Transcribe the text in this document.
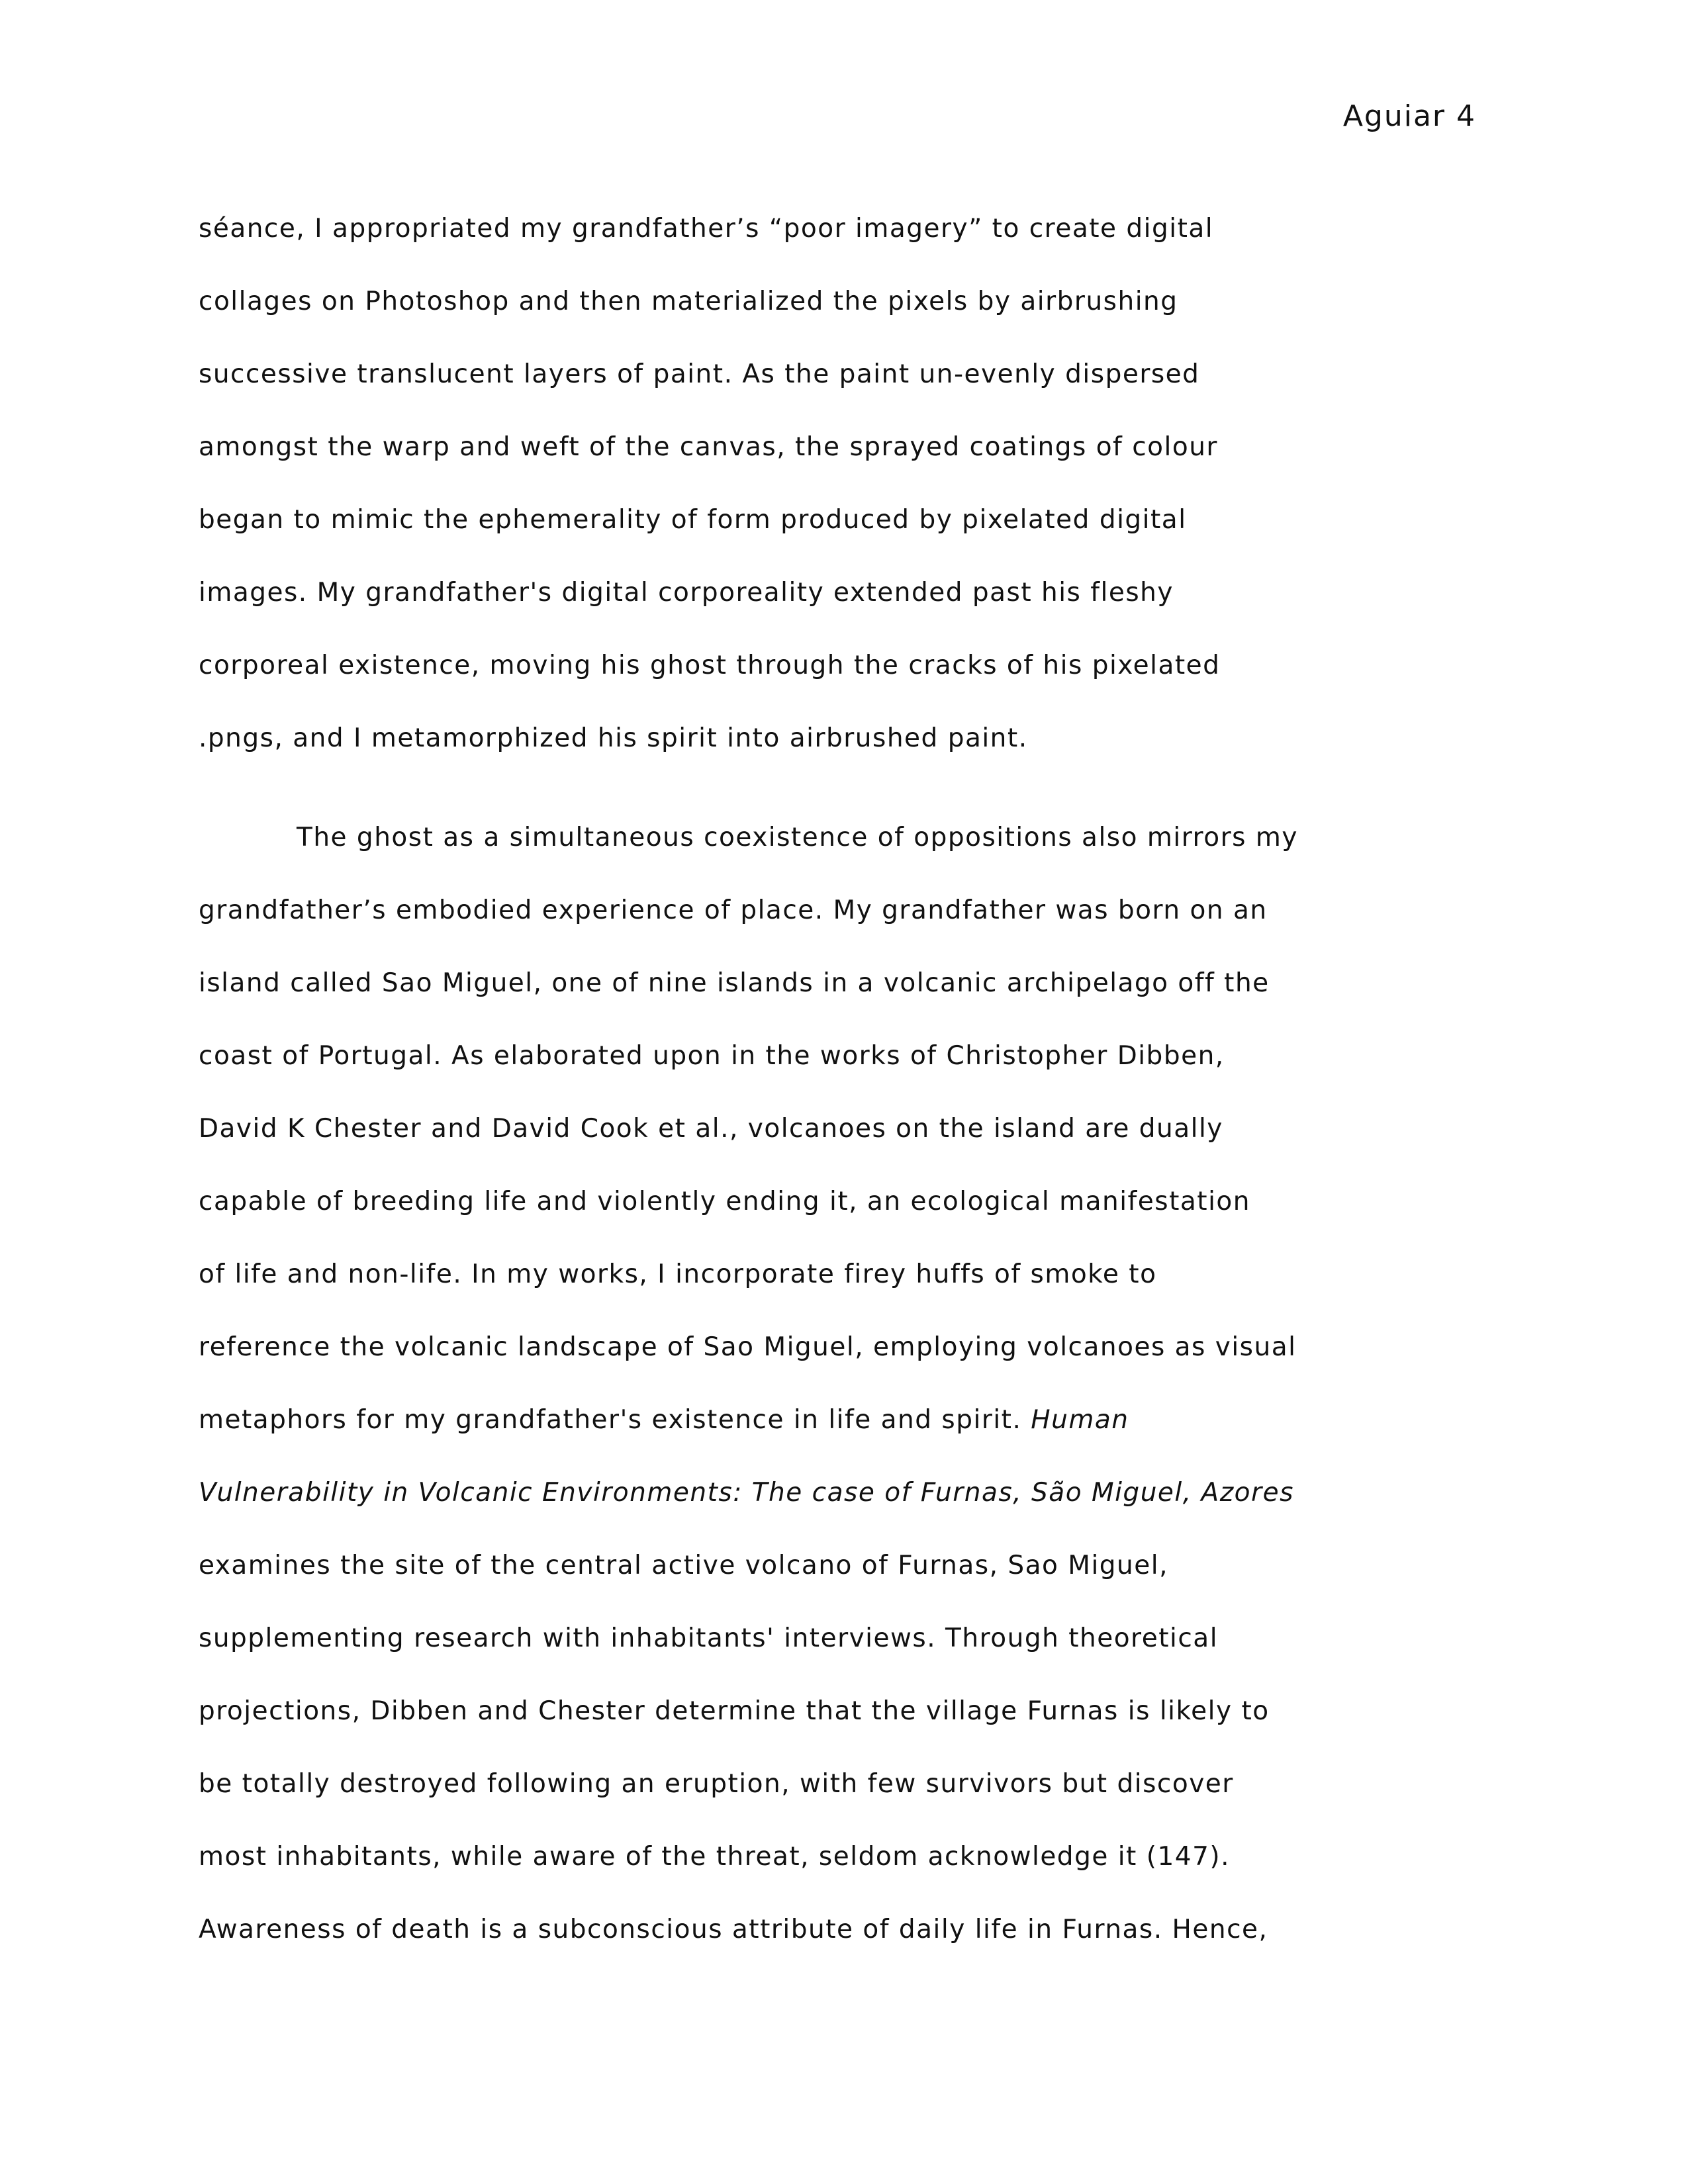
Aguiar 4
séance, I appropriated my grandfather’s “poor imagery” to create digital
collages on Photoshop and then materialized the pixels by airbrushing
successive translucent layers of paint. As the paint un-evenly dispersed
amongst the warp and weft of the canvas, the sprayed coatings of colour
began to mimic the ephemerality of form produced by pixelated digital
images. My grandfather's digital corporeality extended past his fleshy
corporeal existence, moving his ghost through the cracks of his pixelated
.pngs, and I metamorphized his spirit into airbrushed paint.
The ghost as a simultaneous coexistence of oppositions also mirrors my
grandfather’s embodied experience of place. My grandfather was born on an
island called Sao Miguel, one of nine islands in a volcanic archipelago off the
coast of Portugal. As elaborated upon in the works of Christopher Dibben,
David K Chester and David Cook et al., volcanoes on the island are dually
capable of breeding life and violently ending it, an ecological manifestation
of life and non-life. In my works, I incorporate firey huffs of smoke to
reference the volcanic landscape of Sao Miguel, employing volcanoes as visual
metaphors for my grandfather's existence in life and spirit.
Human
Vulnerability in Volcanic Environments: The case of Furnas, São Miguel, Azores
examines the site of the central active volcano of Furnas, Sao Miguel,
supplementing research with inhabitants' interviews. Through theoretical
projections, Dibben and Chester determine that the village Furnas is likely to
be totally destroyed following an eruption, with few survivors but discover
most inhabitants, while aware of the threat, seldom acknowledge it (147).
Awareness of death is a subconscious attribute of daily life in Furnas. Hence,
